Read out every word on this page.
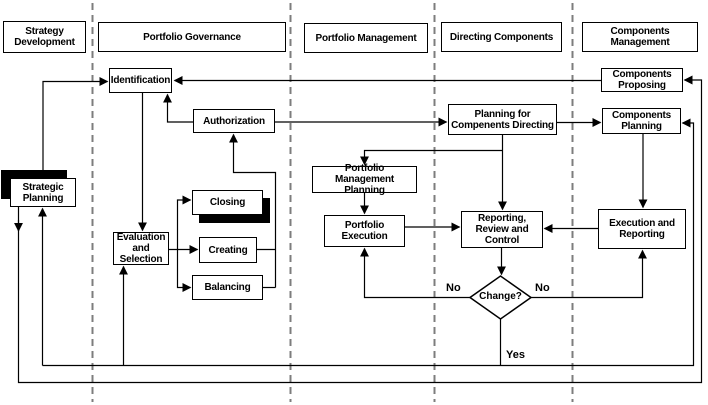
Strategy Development	Portfolio Governance	Portfolio Management	Directing Components	Components Management
Identification
Authorization
Strategic Planning
Evaluation and Selection
Closing
Creating
Balancing
Portfolio Management Planning
Portfolio Execution
Planning for Compenents Directing
Reporting, Review and Control
Components Proposing
Components Planning
Execution and Reporting
Change?
No	No
Yes
